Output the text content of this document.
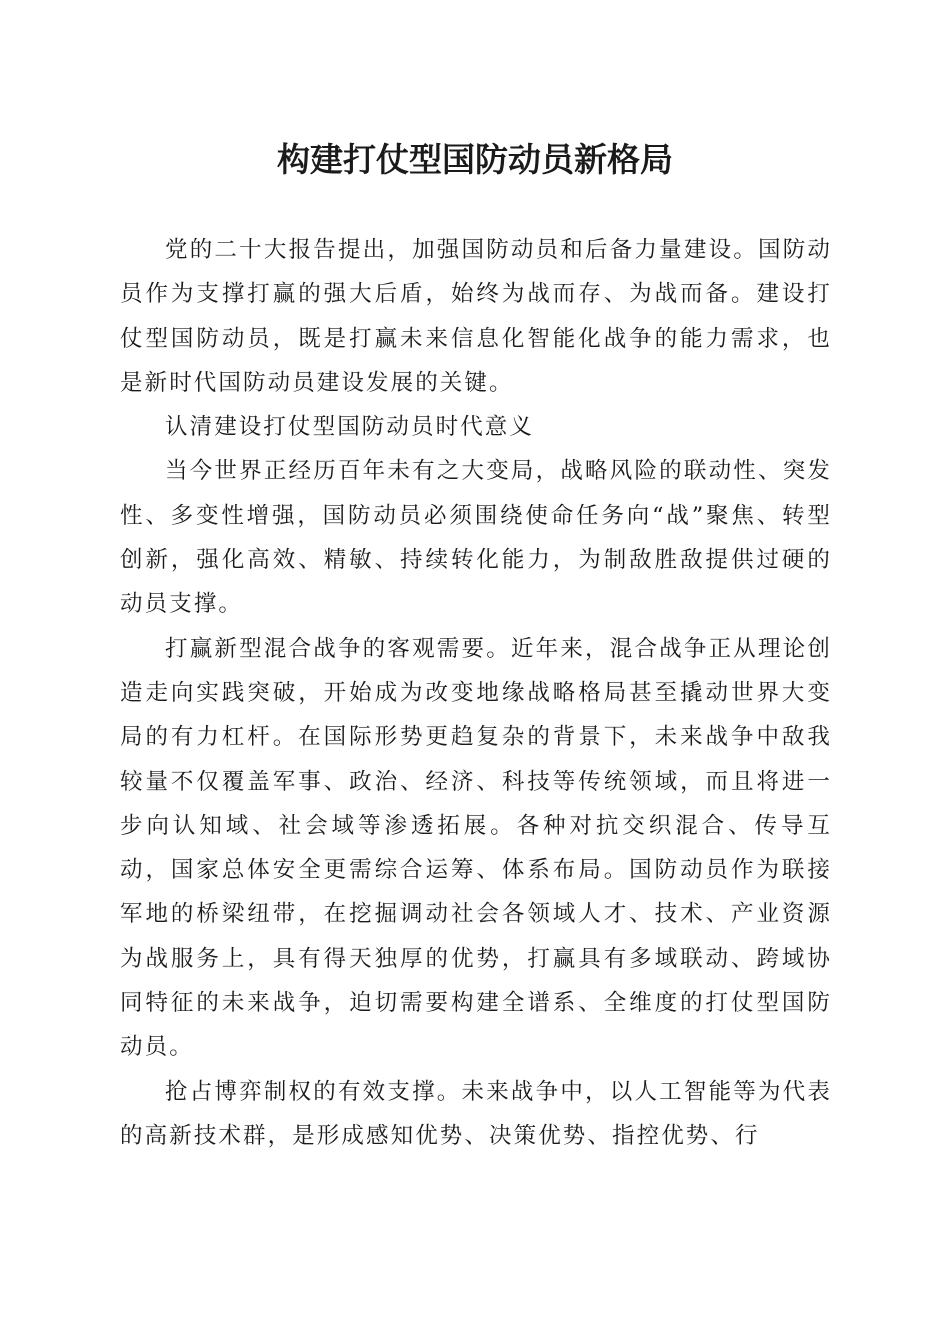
构建打仗型国防动员新格局

党的二十大报告提出，加强国防动员和后备力量建设。国防动员作为支撑打赢的强大后盾，始终为战而存、为战而备。建设打仗型国防动员，既是打赢未来信息化智能化战争的能力需求，也是新时代国防动员建设发展的关键。

认清建设打仗型国防动员时代意义

当今世界正经历百年未有之大变局，战略风险的联动性、突发性、多变性增强，国防动员必须围绕使命任务向“战”聚焦、转型创新，强化高效、精敏、持续转化能力，为制敌胜敌提供过硬的动员支撑。

打赢新型混合战争的客观需要。近年来，混合战争正从理论创造走向实践突破，开始成为改变地缘战略格局甚至撬动世界大变局的有力杠杆。在国际形势更趋复杂的背景下，未来战争中敌我较量不仅覆盖军事、政治、经济、科技等传统领域，而且将进一步向认知域、社会域等渗透拓展。各种对抗交织混合、传导互动，国家总体安全更需综合运筹、体系布局。国防动员作为联接军地的桥梁纽带，在挖掘调动社会各领域人才、技术、产业资源为战服务上，具有得天独厚的优势，打赢具有多域联动、跨域协同特征的未来战争，迫切需要构建全谱系、全维度的打仗型国防动员。

抢占博弈制权的有效支撑。未来战争中，以人工智能等为代表的高新技术群，是形成感知优势、决策优势、指控优势、行
